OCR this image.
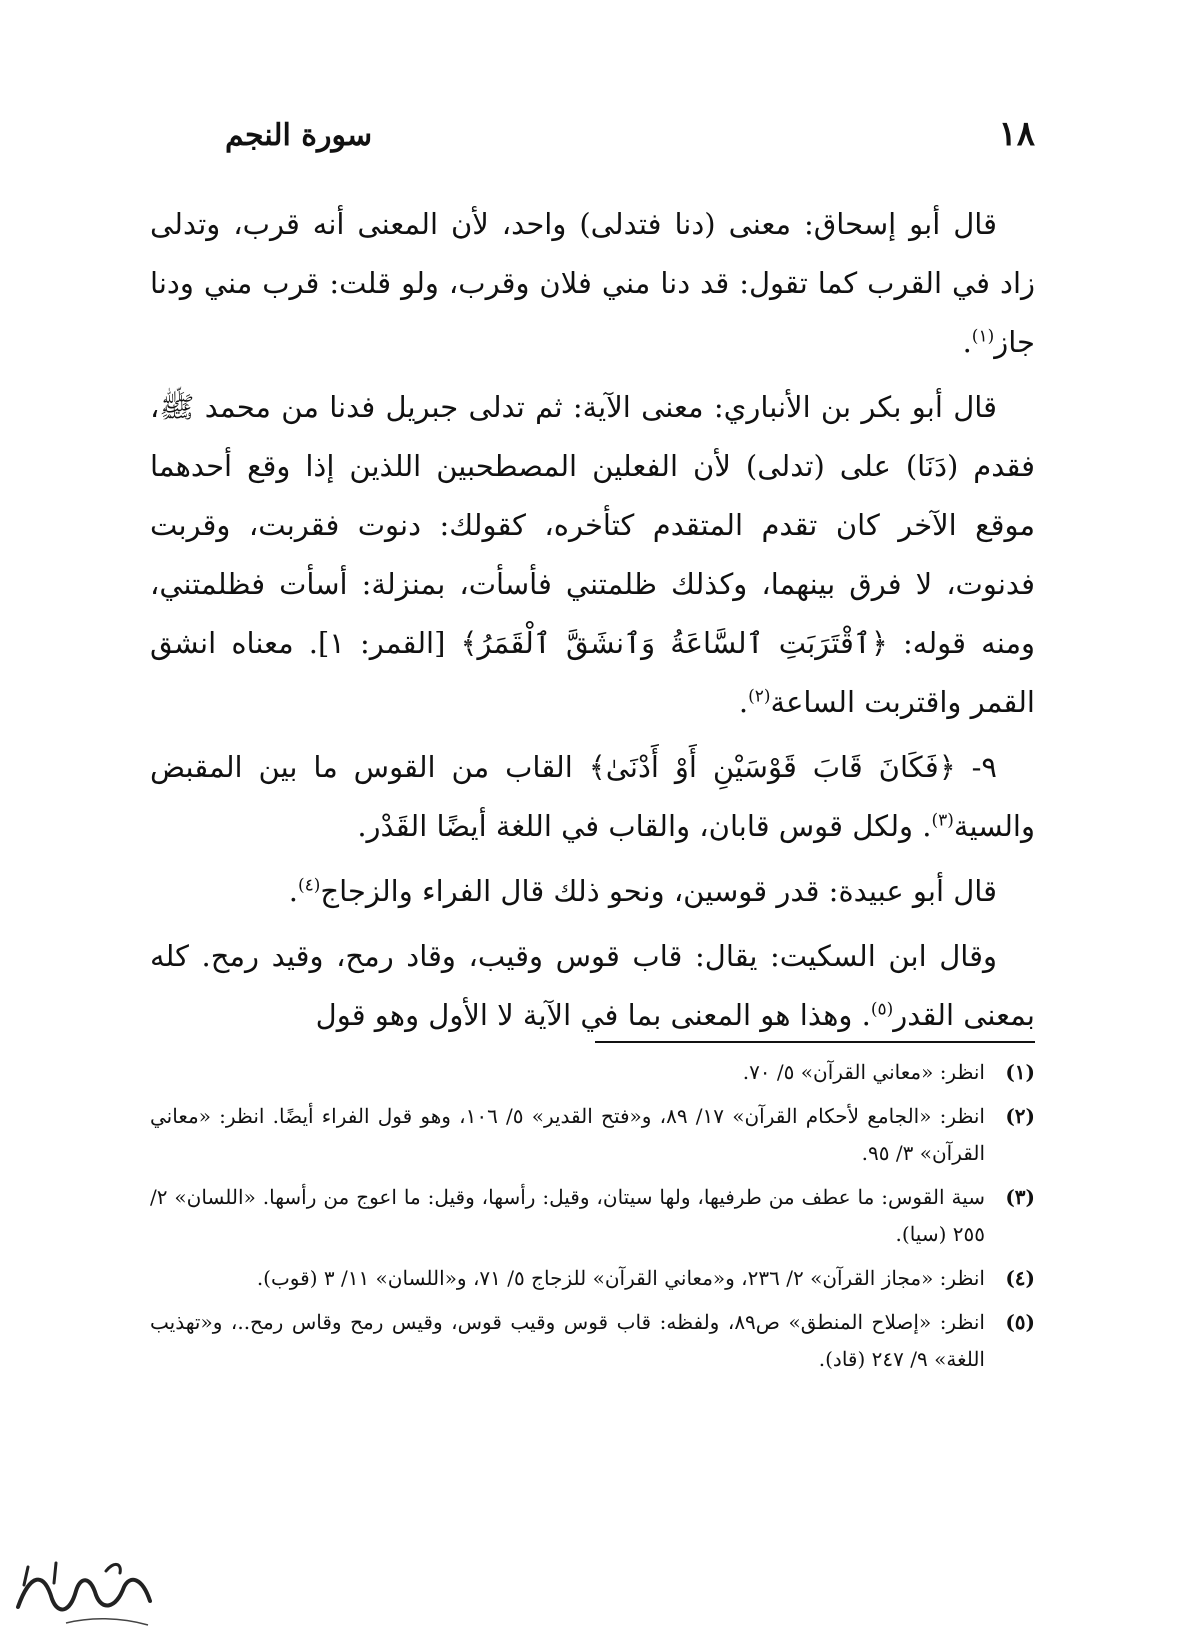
١٨
سورة النجم

قال أبو إسحاق: معنى (دنا فتدلى) واحد، لأن المعنى أنه قرب، وتدلى زاد في القرب كما تقول: قد دنا مني فلان وقرب، ولو قلت: قرب مني ودنا جاز$^{(١)}$.

قال أبو بكر بن الأنباري: معنى الآية: ثم تدلى جبريل فدنا من محمد ﷺ، فقدم (دَنَا) على (تدلى) لأن الفعلين المصطحبين اللذين إذا وقع أحدهما موقع الآخر كان تقدم المتقدم كتأخره، كقولك: دنوت فقربت، وقربت فدنوت، لا فرق بينهما، وكذلك ظلمتني فأسأت، بمنزلة: أسأت فظلمتني، ومنه قوله: ﴿ٱقْتَرَبَتِ ٱلسَّاعَةُ وَٱنشَقَّ ٱلْقَمَرُ﴾ [القمر: ١]. معناه انشق القمر واقتربت الساعة$^{(٢)}$.

٩- ﴿فَكَانَ قَابَ قَوْسَيْنِ أَوْ أَدْنَىٰ﴾ القاب من القوس ما بين المقبض والسية$^{(٣)}$. ولكل قوس قابان، والقاب في اللغة أيضًا القَدْر.

قال أبو عبيدة: قدر قوسين، ونحو ذلك قال الفراء والزجاج$^{(٤)}$.

وقال ابن السكيت: يقال: قاب قوس وقيب، وقاد رمح، وقيد رمح. كله بمعنى القدر$^{(٥)}$. وهذا هو المعنى بما في الآية لا الأول وهو قول

(١)
انظر: «معاني القرآن» ٥/ ٧٠.
(٢)
انظر: «الجامع لأحكام القرآن» ١٧/ ٨٩، و«فتح القدير» ٥/ ١٠٦، وهو قول الفراء أيضًا. انظر: «معاني القرآن» ٣/ ٩٥.
(٣)
سية القوس: ما عطف من طرفيها، ولها سيتان، وقيل: رأسها، وقيل: ما اعوج من رأسها. «اللسان» ٢/ ٢٥٥ (سيا).
(٤)
انظر: «مجاز القرآن» ٢/ ٢٣٦، و«معاني القرآن» للزجاج ٥/ ٧١، و«اللسان» ١١/ ٣ (قوب).
(٥)
انظر: «إصلاح المنطق» ص٨٩، ولفظه: قاب قوس وقيب قوس، وقيس رمح وقاس رمح..، و«تهذيب اللغة» ٩/ ٢٤٧ (قاد).
